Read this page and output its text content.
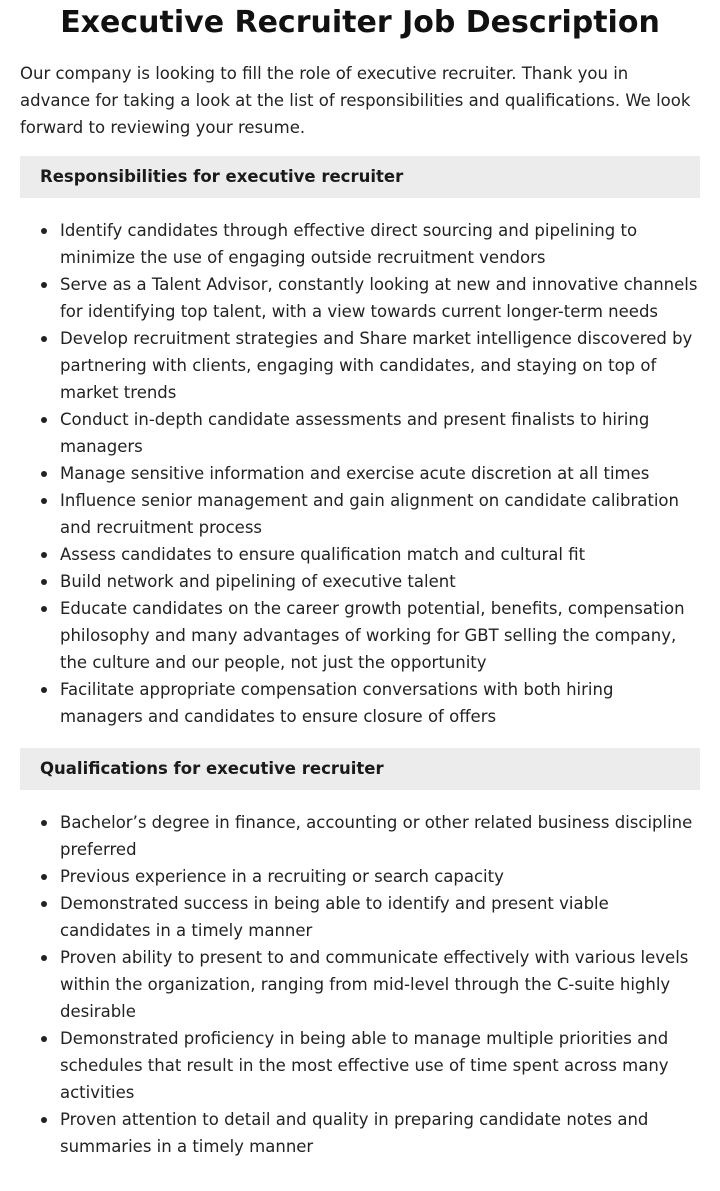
Executive Recruiter Job Description

Our company is looking to fill the role of executive recruiter. Thank you in advance for taking a look at the list of responsibilities and qualifications. We look forward to reviewing your resume.

Responsibilities for executive recruiter
Identify candidates through effective direct sourcing and pipelining to minimize the use of engaging outside recruitment vendors
Serve as a Talent Advisor, constantly looking at new and innovative channels for identifying top talent, with a view towards current longer-term needs
Develop recruitment strategies and Share market intelligence discovered by partnering with clients, engaging with candidates, and staying on top of market trends
Conduct in-depth candidate assessments and present finalists to hiring managers
Manage sensitive information and exercise acute discretion at all times
Influence senior management and gain alignment on candidate calibration and recruitment process
Assess candidates to ensure qualification match and cultural fit
Build network and pipelining of executive talent
Educate candidates on the career growth potential, benefits, compensation philosophy and many advantages of working for GBT selling the company, the culture and our people, not just the opportunity
Facilitate appropriate compensation conversations with both hiring managers and candidates to ensure closure of offers
Qualifications for executive recruiter
Bachelor’s degree in finance, accounting or other related business discipline preferred
Previous experience in a recruiting or search capacity
Demonstrated success in being able to identify and present viable candidates in a timely manner
Proven ability to present to and communicate effectively with various levels within the organization, ranging from mid-level through the C-suite highly desirable
Demonstrated proficiency in being able to manage multiple priorities and schedules that result in the most effective use of time spent across many activities
Proven attention to detail and quality in preparing candidate notes and summaries in a timely manner
